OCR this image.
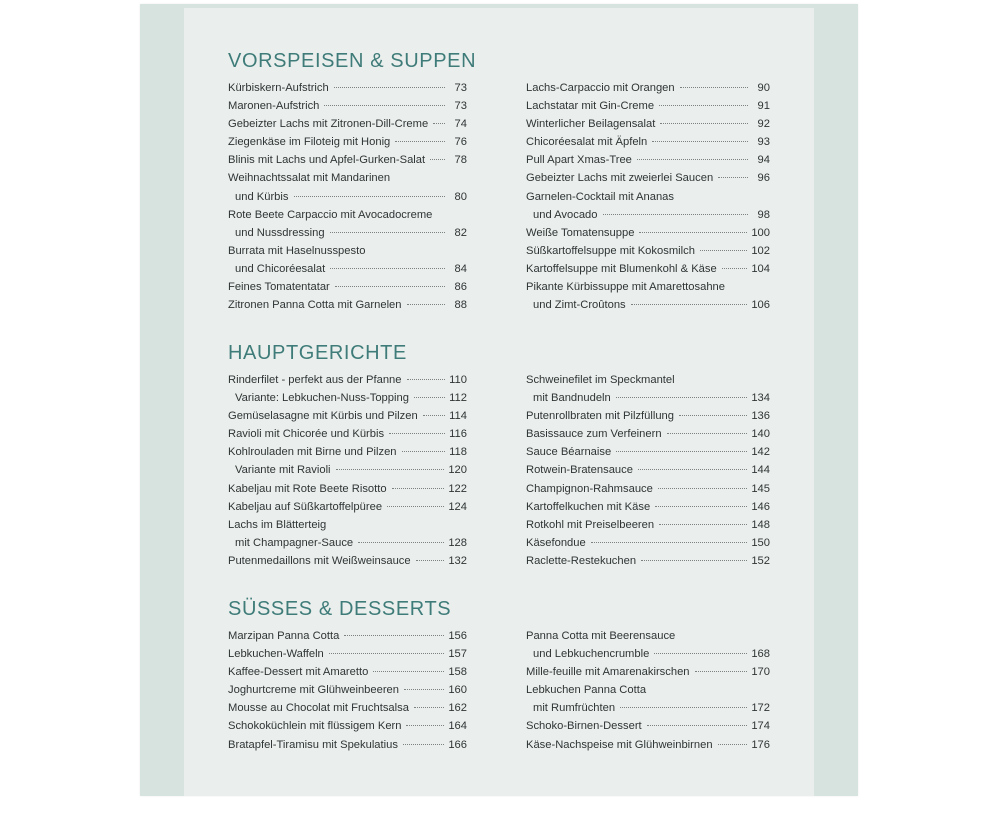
VORSPEISEN & SUPPEN
Kürbiskern-Aufstrich	73
Maronen-Aufstrich	73
Gebeizter Lachs mit Zitronen-Dill-Creme	74
Ziegenkäse im Filoteig mit Honig	76
Blinis mit Lachs und Apfel-Gurken-Salat	78
Weihnachtssalat mit Mandarinen
und Kürbis	80
Rote Beete Carpaccio mit Avocadocreme
und Nussdressing	82
Burrata mit Haselnusspesto
und Chicoréesalat	84
Feines Tomatentatar	86
Zitronen Panna Cotta mit Garnelen	88
Lachs-Carpaccio mit Orangen	90
Lachstatar mit Gin-Creme	91
Winterlicher Beilagensalat	92
Chicoréesalat mit Äpfeln	93
Pull Apart Xmas-Tree	94
Gebeizter Lachs mit zweierlei Saucen	96
Garnelen-Cocktail mit Ananas
und Avocado	98
Weiße Tomatensuppe	100
Süßkartoffelsuppe mit Kokosmilch	102
Kartoffelsuppe mit Blumenkohl & Käse	104
Pikante Kürbissuppe mit Amarettosahne
und Zimt-Croûtons	106
HAUPTGERICHTE
Rinderfilet - perfekt aus der Pfanne	110
Variante: Lebkuchen-Nuss-Topping	112
Gemüselasagne mit Kürbis und Pilzen	114
Ravioli mit Chicorée und Kürbis	116
Kohlrouladen mit Birne und Pilzen	118
Variante mit Ravioli	120
Kabeljau mit Rote Beete Risotto	122
Kabeljau auf Süßkartoffelpüree	124
Lachs im Blätterteig
mit Champagner-Sauce	128
Putenmedaillons mit Weißweinsauce	132
Schweinefilet im Speckmantel
mit Bandnudeln	134
Putenrollbraten mit Pilzfüllung	136
Basissauce zum Verfeinern	140
Sauce Béarnaise	142
Rotwein-Bratensauce	144
Champignon-Rahmsauce	145
Kartoffelkuchen mit Käse	146
Rotkohl mit Preiselbeeren	148
Käsefondue	150
Raclette-Restekuchen	152
SÜSSES & DESSERTS
Marzipan Panna Cotta	156
Lebkuchen-Waffeln	157
Kaffee-Dessert mit Amaretto	158
Joghurtcreme mit Glühweinbeeren	160
Mousse au Chocolat mit Fruchtsalsa	162
Schokoküchlein mit flüssigem Kern	164
Bratapfel-Tiramisu mit Spekulatius	166
Panna Cotta mit Beerensauce
und Lebkuchencrumble	168
Mille-feuille mit Amarenakirschen	170
Lebkuchen Panna Cotta
mit Rumfrüchten	172
Schoko-Birnen-Dessert	174
Käse-Nachspeise mit Glühweinbirnen	176
